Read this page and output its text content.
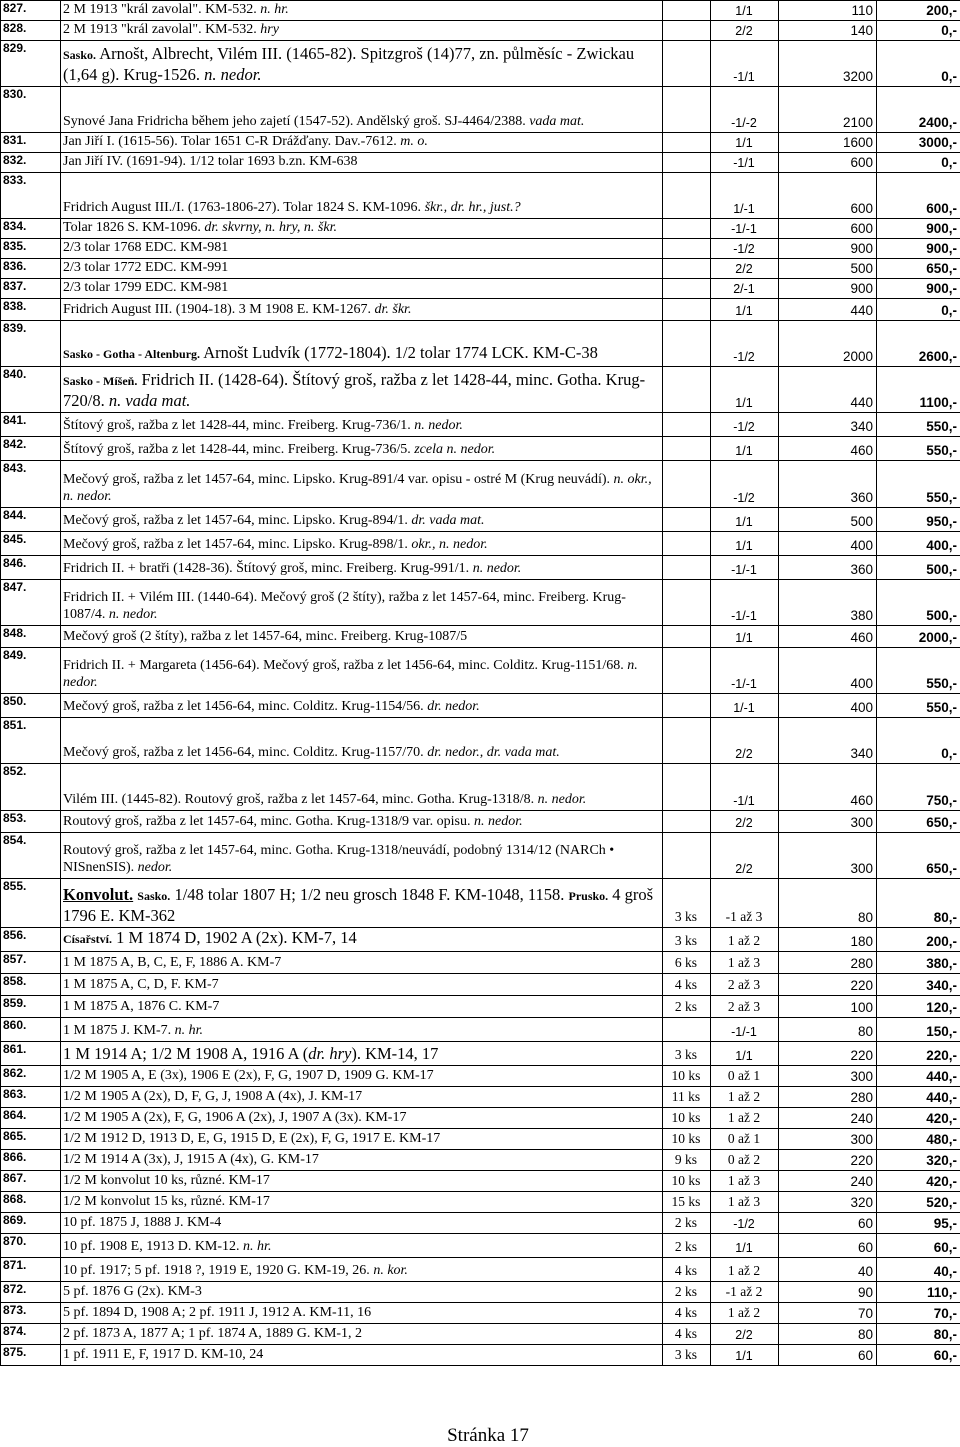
827.	2 M 1913 "král zavolal". KM-532. n. hr.		1/1	110	200,-
828.	2 M 1913 "král zavolal". KM-532. hry		2/2	140	0,-
829.	Sasko. Arnošt, Albrecht, Vilém III. (1465-82). Spitzgroš (14)77, zn. půlměsíc - Zwickau (1,64 g). Krug-1526. n. nedor.		-1/1	3200	0,-
830.	Synové Jana Fridricha během jeho zajetí (1547-52). Andělský groš. SJ-4464/2388. vada mat.		-1/-2	2100	2400,-
831.	Jan Jiří I. (1615-56). Tolar 1651 C-R Drážďany. Dav.-7612. m. o.		1/1	1600	3000,-
832.	Jan Jiří IV. (1691-94). 1/12 tolar 1693 b.zn. KM-638		-1/1	600	0,-
833.	Fridrich August III./I. (1763-1806-27). Tolar 1824 S. KM-1096. škr., dr. hr., just.?		1/-1	600	600,-
834.	Tolar 1826 S. KM-1096. dr. skvrny, n. hry, n. škr.		-1/-1	600	900,-
835.	2/3 tolar 1768 EDC. KM-981		-1/2	900	900,-
836.	2/3 tolar 1772 EDC. KM-991		2/2	500	650,-
837.	2/3 tolar 1799 EDC. KM-981		2/-1	900	900,-
838.	Fridrich August III. (1904-18). 3 M 1908 E. KM-1267. dr. škr.		1/1	440	0,-
839.	Sasko - Gotha - Altenburg. Arnošt Ludvík (1772-1804). 1/2 tolar 1774 LCK. KM-C-38		-1/2	2000	2600,-
840.	Sasko - Míšeň. Fridrich II. (1428-64). Štítový groš, ražba z let 1428-44, minc. Gotha. Krug-720/8. n. vada mat.		1/1	440	1100,-
841.	Štítový groš, ražba z let 1428-44, minc. Freiberg. Krug-736/1. n. nedor.		-1/2	340	550,-
842.	Štítový groš, ražba z let 1428-44, minc. Freiberg. Krug-736/5. zcela n. nedor.		1/1	460	550,-
843.	Mečový groš, ražba z let 1457-64, minc. Lipsko. Krug-891/4 var. opisu - ostré M (Krug neuvádí). n. okr., n. nedor.		-1/2	360	550,-
844.	Mečový groš, ražba z let 1457-64, minc. Lipsko. Krug-894/1. dr. vada mat.		1/1	500	950,-
845.	Mečový groš, ražba z let 1457-64, minc. Lipsko. Krug-898/1. okr., n. nedor.		1/1	400	400,-
846.	Fridrich II. + bratři (1428-36). Štítový groš, minc. Freiberg. Krug-991/1. n. nedor.		-1/-1	360	500,-
847.	Fridrich II. + Vilém III. (1440-64). Mečový groš (2 štíty), ražba z let 1457-64, minc. Freiberg. Krug-1087/4. n. nedor.		-1/-1	380	500,-
848.	Mečový groš (2 štíty), ražba z let 1457-64, minc. Freiberg. Krug-1087/5		1/1	460	2000,-
849.	Fridrich II. + Margareta (1456-64). Mečový groš, ražba z let 1456-64, minc. Colditz. Krug-1151/68. n. nedor.		-1/-1	400	550,-
850.	Mečový groš, ražba z let 1456-64, minc. Colditz. Krug-1154/56. dr. nedor.		1/-1	400	550,-
851.	Mečový groš, ražba z let 1456-64, minc. Colditz. Krug-1157/70. dr. nedor., dr. vada mat.		2/2	340	0,-
852.	Vilém III. (1445-82). Routový groš, ražba z let 1457-64, minc. Gotha. Krug-1318/8. n. nedor.		-1/1	460	750,-
853.	Routový groš, ražba z let 1457-64, minc. Gotha. Krug-1318/9 var. opisu. n. nedor.		2/2	300	650,-
854.	Routový groš, ražba z let 1457-64, minc. Gotha. Krug-1318/neuvádí, podobný 1314/12 (NARCh • NISnenSIS). nedor.		2/2	300	650,-
855.	Konvolut. Sasko. 1/48 tolar 1807 H; 1/2 neu grosch 1848 F. KM-1048, 1158. Prusko. 4 groš 1796 E. KM-362	3 ks	-1 až 3	80	80,-
856.	Císařství. 1 M 1874 D, 1902 A (2x). KM-7, 14	3 ks	1 až 2	180	200,-
857.	1 M 1875 A, B, C, E, F, 1886 A. KM-7	6 ks	1 až 3	280	380,-
858.	1 M 1875 A, C, D, F. KM-7	4 ks	2 až 3	220	340,-
859.	1 M 1875 A, 1876 C. KM-7	2 ks	2 až 3	100	120,-
860.	1 M 1875 J. KM-7. n. hr.		-1/-1	80	150,-
861.	1 M 1914 A; 1/2 M 1908 A, 1916 A (dr. hry). KM-14, 17	3 ks	1/1	220	220,-
862.	1/2 M 1905 A, E (3x), 1906 E (2x), F, G, 1907 D, 1909 G. KM-17	10 ks	0 až 1	300	440,-
863.	1/2 M 1905 A (2x), D, F, G, J, 1908 A (4x), J. KM-17	11 ks	1 až 2	280	440,-
864.	1/2 M 1905 A (2x), F, G, 1906 A (2x), J, 1907 A (3x). KM-17	10 ks	1 až 2	240	420,-
865.	1/2 M 1912 D, 1913 D, E, G, 1915 D, E (2x), F, G, 1917 E. KM-17	10 ks	0 až 1	300	480,-
866.	1/2 M 1914 A (3x), J, 1915 A (4x), G. KM-17	9 ks	0 až 2	220	320,-
867.	1/2 M konvolut 10 ks, různé. KM-17	10 ks	1 až 3	240	420,-
868.	1/2 M konvolut 15 ks, různé. KM-17	15 ks	1 až 3	320	520,-
869.	10 pf. 1875 J, 1888 J. KM-4	2 ks	-1/2	60	95,-
870.	10 pf. 1908 E, 1913 D. KM-12. n. hr.	2 ks	1/1	60	60,-
871.	10 pf. 1917; 5 pf. 1918 ?, 1919 E, 1920 G. KM-19, 26. n. kor.	4 ks	1 až 2	40	40,-
872.	5 pf. 1876 G (2x). KM-3	2 ks	-1 až 2	90	110,-
873.	5 pf. 1894 D, 1908 A; 2 pf. 1911 J, 1912 A. KM-11, 16	4 ks	1 až 2	70	70,-
874.	2 pf. 1873 A, 1877 A; 1 pf. 1874 A, 1889 G. KM-1, 2	4 ks	2/2	80	80,-
875.	1 pf. 1911 E, F, 1917 D. KM-10, 24	3 ks	1/1	60	60,-
Stránka 17
